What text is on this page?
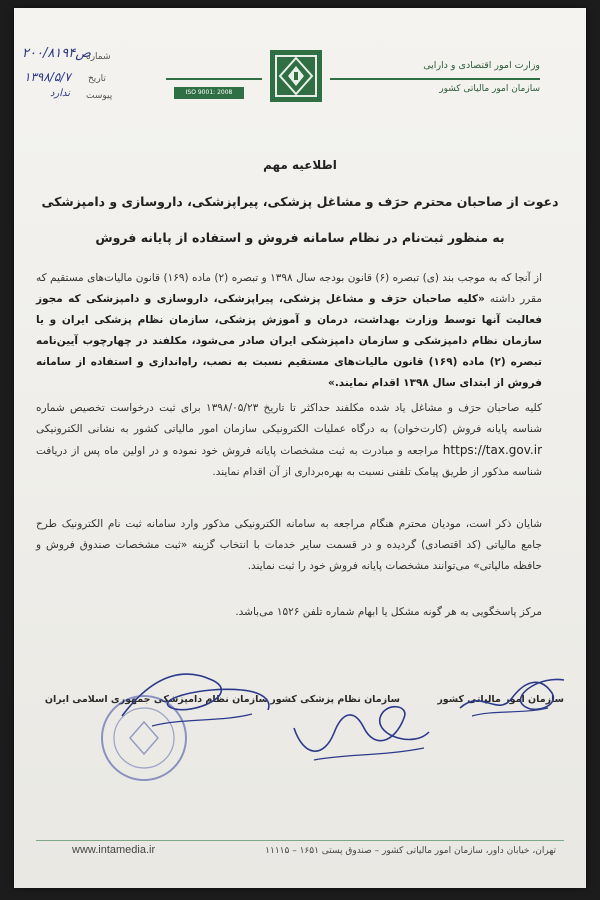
۲۰۰/۸۱۹۴ص
شماره
۱۳۹۸/۵/۷ تاریخ
ندارد پیوست	ISO 9001: 2008
وزارت امور اقتصادی و دارایی
سازمان امور مالیاتی کشور
اطلاعیه مهم
دعوت از صاحبان محترم حرَف و مشاغل پزشکی، پیراپزشکی، داروسازی و دامپزشکی
به منظور ثبت‌نام در نظام سامانه فروش و استفاده از پایانه فروش
از آنجا که به موجب بند (ی) تبصره (۶) قانون بودجه سال ۱۳۹۸ و تبصره (۲) ماده (۱۶۹) قانون مالیات‌های مستقیم که مقرر داشته «کلیه صاحبان حرَف و مشاغل پزشکی، پیراپزشکی، داروسازی و دامپزشکی که مجوز فعالیت آنها توسط وزارت بهداشت، درمان و آموزش پزشکی، سازمان نظام پزشکی ایران و یا سازمان نظام دامپزشکی و سازمان دامپزشکی ایران صادر می‌شود، مکلفند در چهارچوب آیین‌نامه تبصره (۲) ماده (۱۶۹) قانون مالیات‌های مستقیم نسبت به نصب، راه‌اندازی و استفاده از سامانه فروش از ابتدای سال ۱۳۹۸ اقدام نمایند.»
کلیه صاحبان حرَف و مشاغل یاد شده مکلفند حداکثر تا تاریخ ۱۳۹۸/۰۵/۲۳ برای ثبت درخواست تخصیص شماره شناسه پایانه فروش (کارت‌خوان) به درگاه عملیات الکترونیکی سازمان امور مالیاتی کشور به نشانی الکترونیکی https://tax.gov.ir مراجعه و مبادرت به ثبت مشخصات پایانه فروش خود نموده و در اولین ماه پس از دریافت شناسه مذکور از طریق پیامک تلفنی نسبت به بهره‌برداری از آن اقدام نمایند.
شایان ذکر است، مودیان محترم هنگام مراجعه به سامانه الکترونیکی مذکور وارد سامانه ثبت نام الکترونیک طرح جامع مالیاتی (کد اقتصادی) گردیده و در قسمت سایر خدمات با انتخاب گزینه «ثبت مشخصات صندوق فروش و حافظه مالیاتی» می‌توانند مشخصات پایانه فروش خود را ثبت نمایند.
مرکز پاسخگویی به هر گونه مشکل یا ابهام شماره تلفن ۱۵۲۶ می‌باشد.
سازمان امور مالیاتی کشور
سازمان نظام پزشکی کشور
سازمان نظام دامپزشکی جمهوری اسلامی ایران
تهران، خیابان داور، سازمان امور مالیاتی کشور – صندوق پستی ۱۶۵۱ – ۱۱۱۱۵
www.intamedia.ir
